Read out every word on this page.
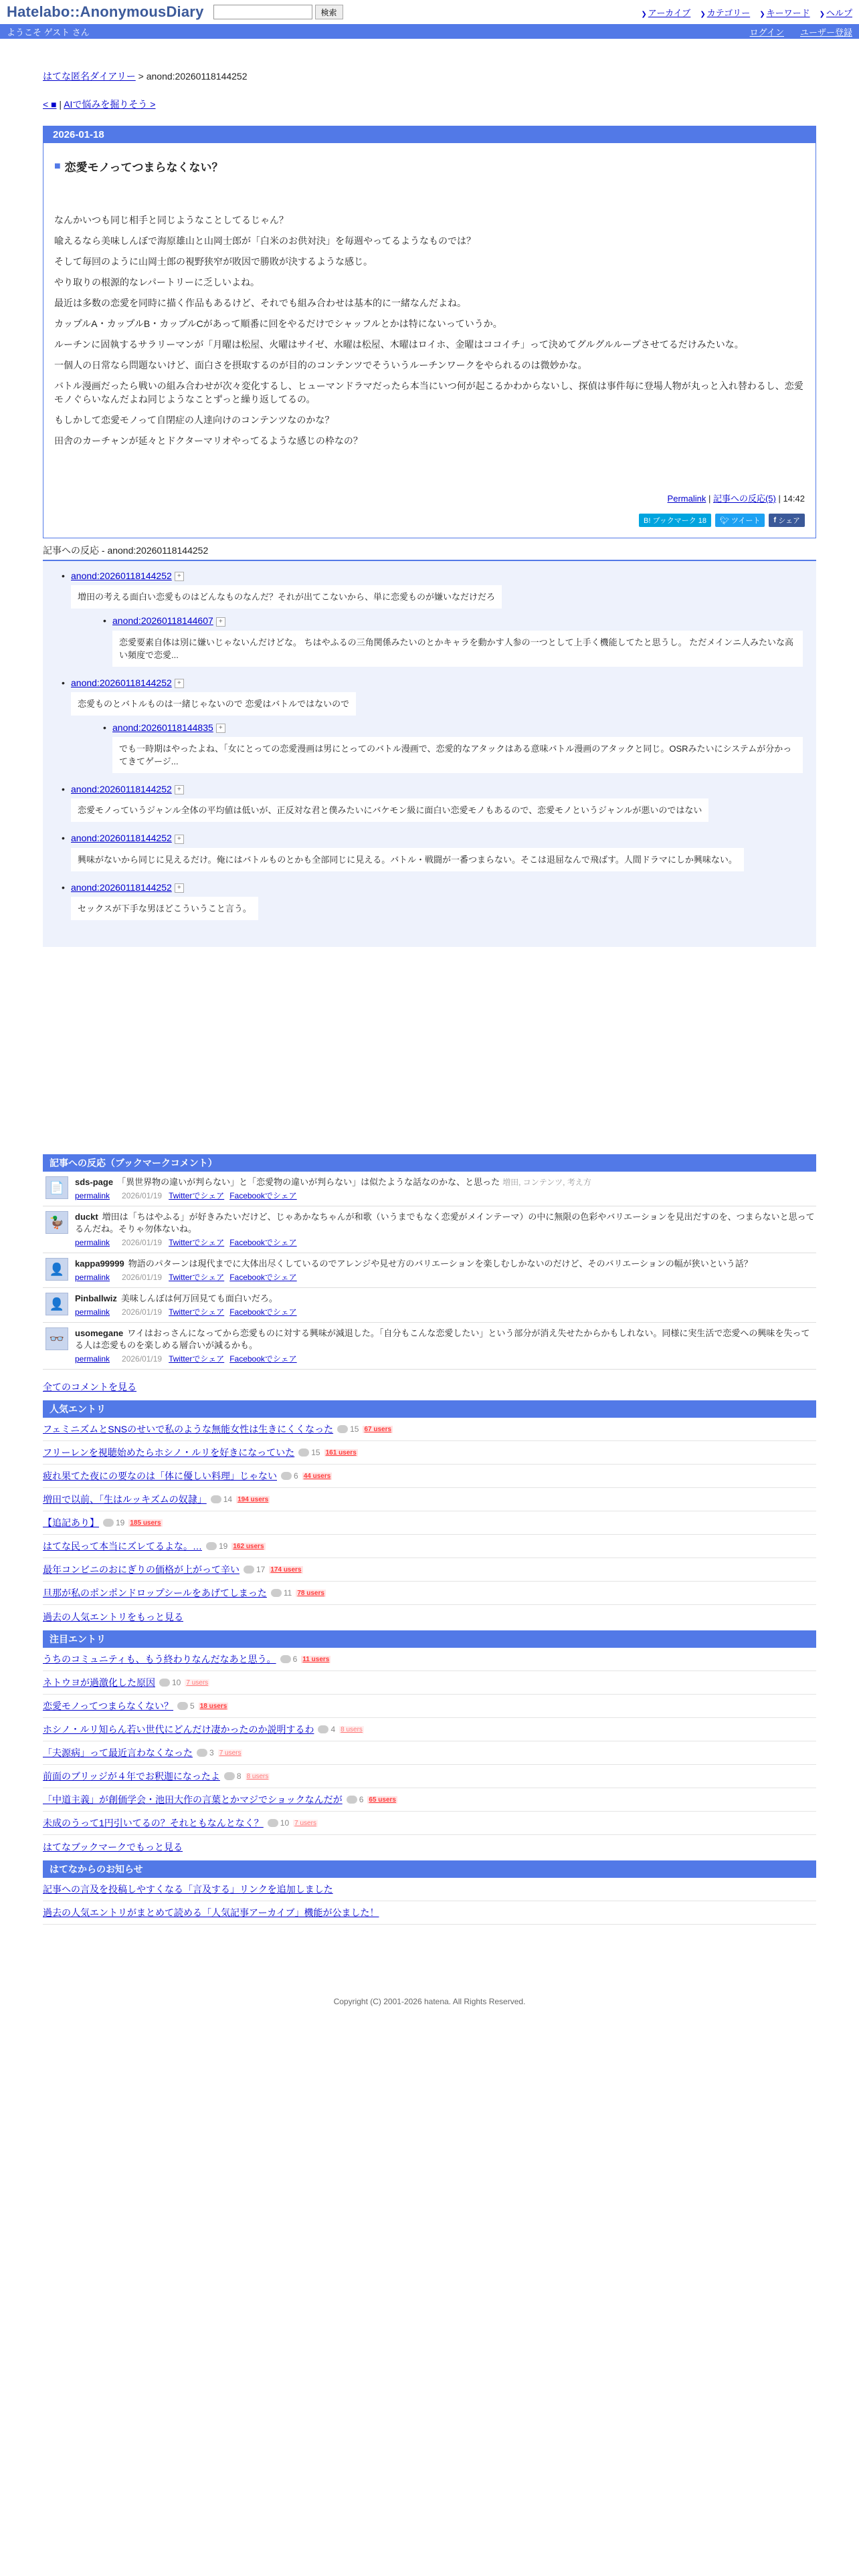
Hatelabo::AnonymousDiary	検索	❯ アーカイブ ❯ カテゴリー ❯ キーワード ❯ ヘルプ
ようこそ ゲスト さん	ログイン ユーザー登録
はてな匿名ダイアリー > anond:20260118144252
< ■ | AIで悩みを掘りそう >
2026-01-18
■ 恋愛モノってつまらなくない？

なんかいつも同じ相手と同じようなことしてるじゃん？

喩えるなら美味しんぼで海原雄山と山岡士郎が「白米のお供対決」を毎週やってるようなものでは？

そして毎回のように山岡士郎の視野狭窄が敗因で勝敗が決するような感じ。

やり取りの根源的なレパートリーに乏しいよね。

最近は多数の恋愛を同時に描く作品もあるけど、それでも組み合わせは基本的に一緒なんだよね。

カップルA・カップルB・カップルCがあって順番に回をやるだけでシャッフルとかは特にないっていうか。

ルーチンに固執するサラリーマンが「月曜は松屋、火曜はサイゼ、水曜は松屋、木曜はロイホ、金曜はココイチ」って決めてグルグルループさせてるだけみたいな。

一個人の日常なら問題ないけど、面白さを摂取するのが目的のコンテンツでそういうルーチンワークをやられるのは微妙かな。

バトル漫画だったら戦いの組み合わせが次々変化するし、ヒューマンドラマだったら本当にいつ何が起こるかわからないし、探偵は事件毎に登場人物が丸っと入れ替わるし、恋愛モノぐらいなんだよね同じようなことずっと繰り返してるの。

もしかして恋愛モノって自閉症の人達向けのコンテンツなのかな？

田舎のカーチャンが延々とドクターマリオやってるような感じの枠なの？

Permalink | 記事への反応(5) | 14:42
B! ブックマーク 18	🐦︎
ツイート f
シェア
記事への反応 - anond:20260118144252
• anond:20260118144252 +
増田の考える面白い恋愛ものはどんなものなんだ？それが出てこないから、単に恋愛ものが嫌いなだけだろ
• anond:20260118144607 +
恋愛要素自体は別に嫌いじゃないんだけどな。 ちはやふるの三角関係みたいのとかキャラを動かす人参の一つとして上手く機能してたと思うし。 ただメインニ人みたいな高い頻度で恋愛...
• anond:20260118144252 +
恋愛ものとバトルものは一緒じゃないので 恋愛はバトルではないので
• anond:20260118144835 +
でも一時期はやったよね、「女にとっての恋愛漫画は男にとってのバトル漫画で、恋愛的なアタックはある意味バトル漫画のアタックと同じ。OSRみたいにシステムが分かってきてゲージ...
• anond:20260118144252 +
恋愛モノっていうジャンル全体の平均値は低いが、正反対な君と僕みたいにバケモン級に面白い恋愛モノもあるので、恋愛モノというジャンルが悪いのではない
• anond:20260118144252 +
興味がないから同じに見えるだけ。俺にはバトルものとかも全部同じに見える。バトル・戦闘が一番つまらない。そこは退屈なんで飛ばす。人間ドラマにしか興味ない。
• anond:20260118144252 +
セックスが下手な男ほどこういうこと言う。
記事への反応（ブックマークコメント）
📄	sds-page 「異世界物の違いが判らない」と「恋愛物の違いが判らない」は似たような話なのかな、と思った 増田, コンテンツ, 考え方
permalink 2026/01/19 Twitterでシェア Facebookでシェア
🦆	duckt 増田は「ちはやふる」が好きみたいだけど、じゃあかなちゃんが和歌（いうまでもなく恋愛がメインテーマ）の中に無限の色彩やバリエーションを見出だすのを、つまらないと思ってるんだね。そりゃ勿体ないね。
permalink 2026/01/19 Twitterでシェア Facebookでシェア
👤	kappa99999 物語のパターンは現代までに大体出尽くしているのでアレンジや見せ方のバリエーションを楽しむしかないのだけど、そのバリエーションの幅が狭いという話？
permalink 2026/01/19 Twitterでシェア Facebookでシェア
👤	Pinballwiz 美味しんぼは何万回見ても面白いだろ。
permalink 2026/01/19 Twitterでシェア Facebookでシェア
👓	usomegane ワイはおっさんになってから恋愛ものに対する興味が減退した。「自分もこんな恋愛したい」という部分が消え失せたからかもしれない。同様に実生活で恋愛への興味を失ってる人は恋愛ものを楽しめる層合いが減るかも。
permalink 2026/01/19 Twitterでシェア Facebookでシェア
全てのコメントを見る
人気エントリ
フェミニズムとSNSのせいで私のような無能女性は生きにくくなった 15 67 users
フリーレンを視聴始めたらホシノ・ルリを好きになっていた 15 161 users
疲れ果てた夜にの要なのは「体に優しい料理」じゃない 6 44 users
増田で以前、「生はルッキズムの奴隷」 14 194 users
【追記あり】 19 185 users
はてな民って本当にズレてるよな。… 19 162 users
最年コンビニのおにぎりの価格が上がって辛い 17 174 users
旦那が私のポンポンドロップシールをあげてしまった 11 78 users
過去の人気エントリをもっと見る
注目エントリ
うちのコミュニティも、もう終わりなんだなあと思う。 6 11 users
ネトウヨが過激化した原因 10 7 users
恋愛モノってつまらなくない？ 5 18 users
ホシノ・ルリ知らん若い世代にどんだけ凄かったのか説明するわ 4 8 users
「夫源病」って最近言わなくなった 3 7 users
前面のブリッジが４年でお釈迦になったよ 8 8 users
「中道主義」が創価学会・池田大作の言葉とかマジでショックなんだが 6 65 users
未成のうって1円引いてるの？それともなんとなく？ 10 7 users
はてなブックマークでもっと見る
はてなからのお知らせ
記事への言及を投稿しやすくなる「言及する」リンクを追加しました
過去の人気エントリがまとめて読める「人気記事アーカイブ」機能が公ました！
Copyright (C) 2001-2026 hatena. All Rights Reserved.
